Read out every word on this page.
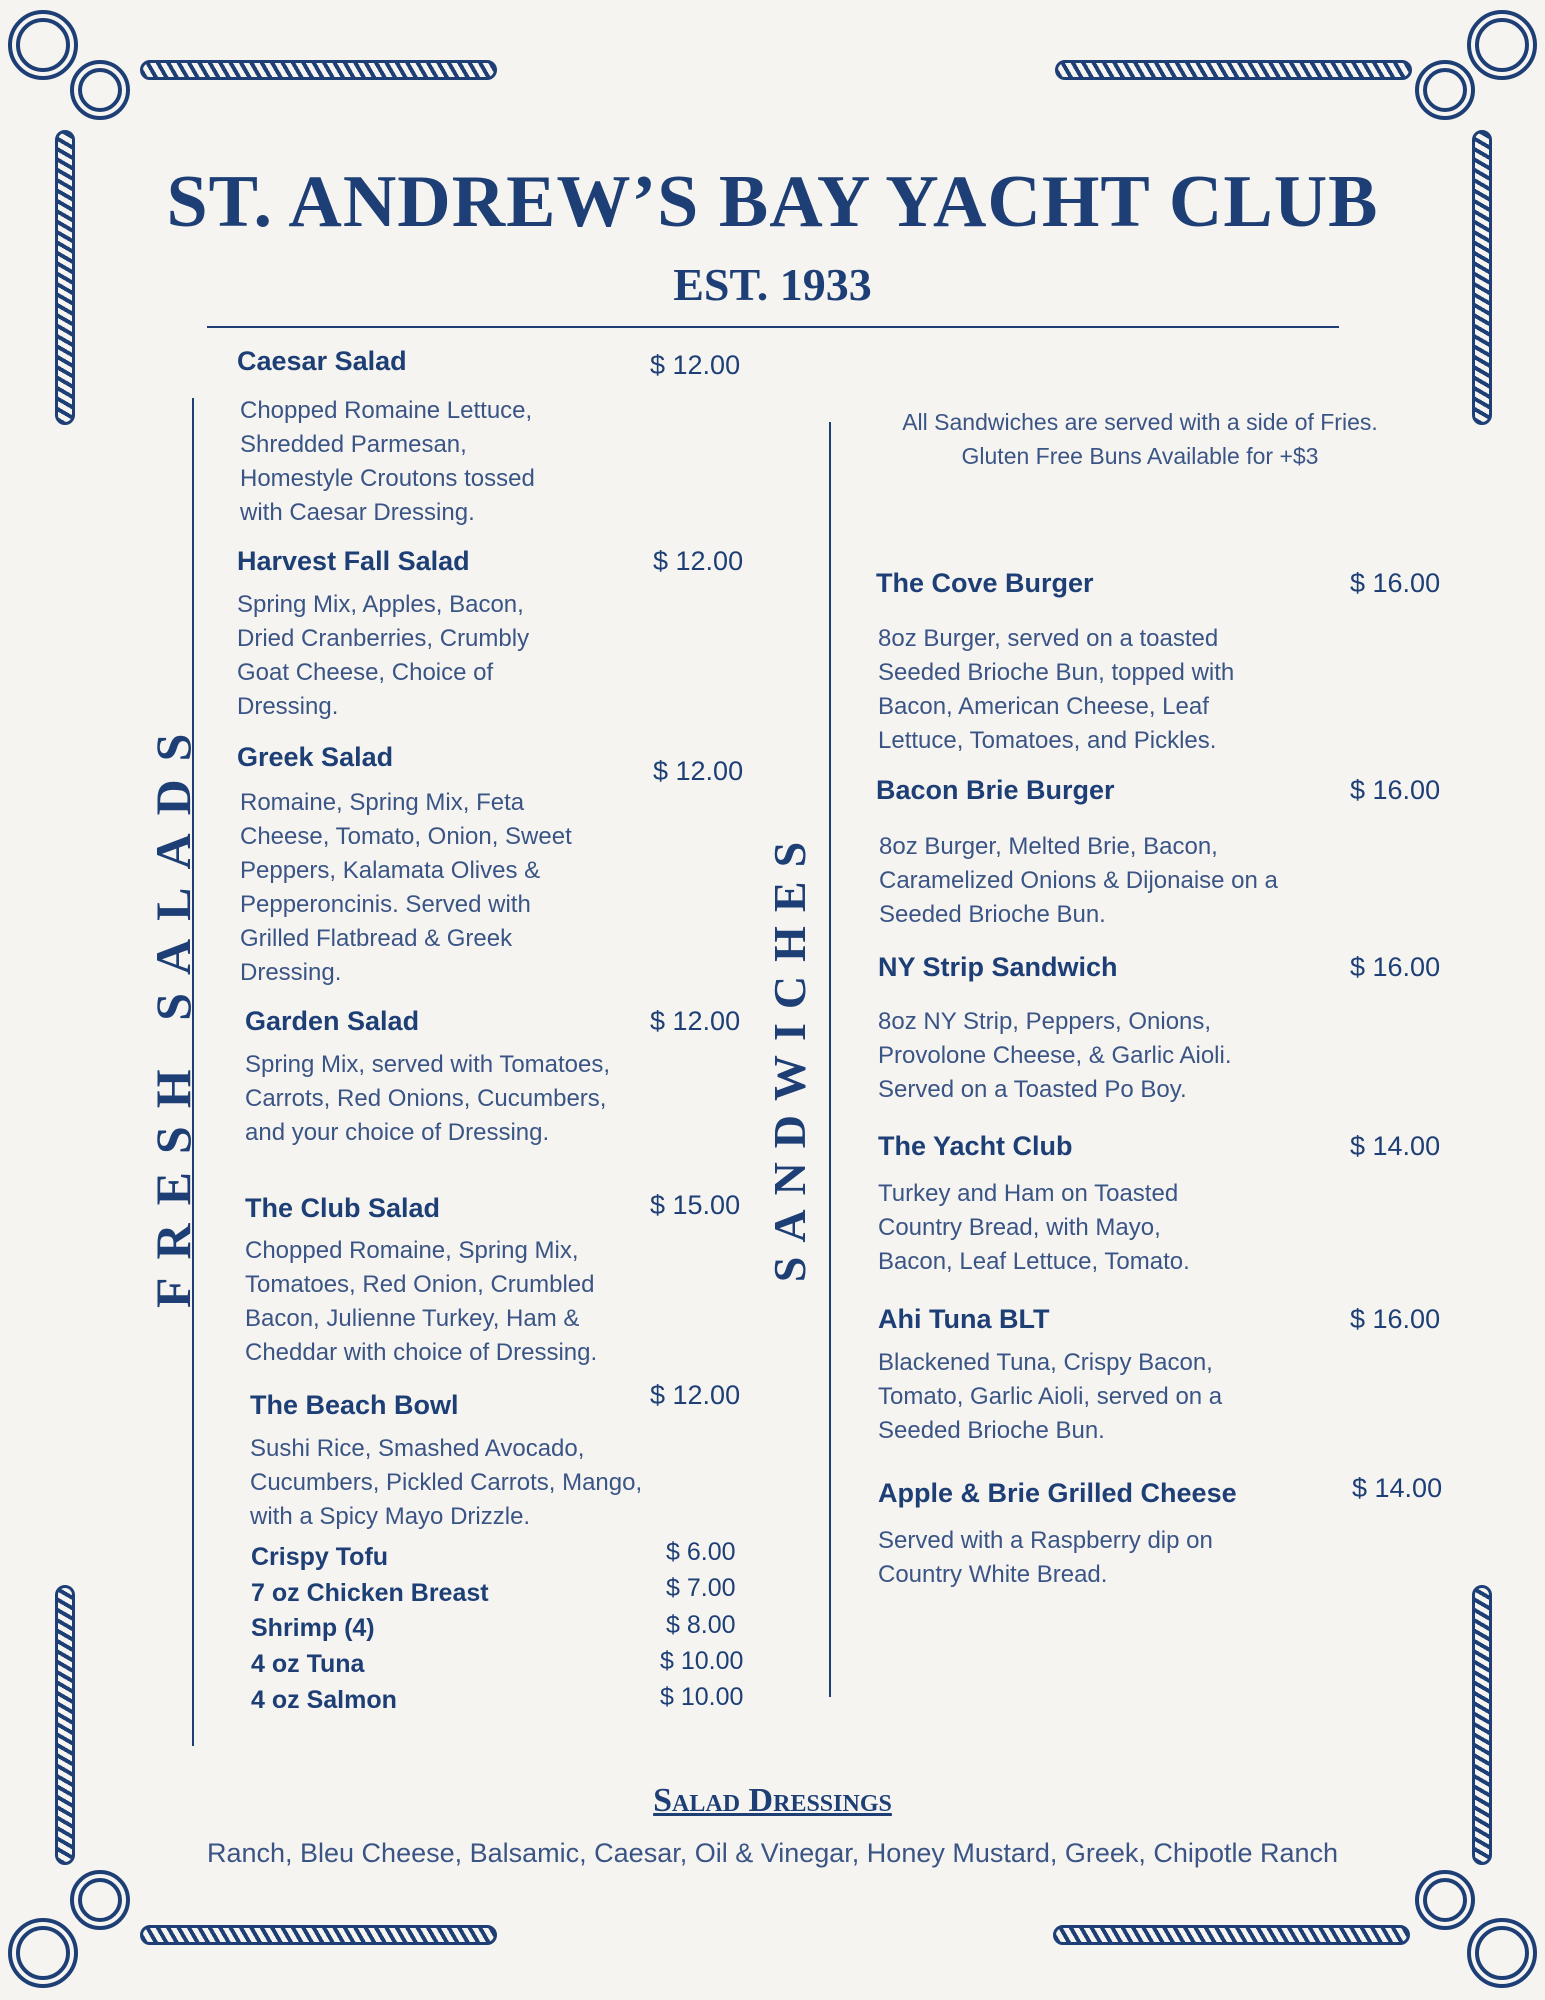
ST. ANDREW’S BAY YACHT CLUB
EST. 1933
FRESH SALADS
Caesar Salad	$ 12.00
Chopped Romaine Lettuce, Shredded Parmesan, Homestyle Croutons tossed with Caesar Dressing.
Harvest Fall Salad	$ 12.00
Spring Mix, Apples, Bacon, Dried Cranberries, Crumbly Goat Cheese, Choice of Dressing.
Greek Salad	$ 12.00
Romaine, Spring Mix, Feta Cheese, Tomato, Onion, Sweet Peppers, Kalamata Olives & Pepperoncinis. Served with Grilled Flatbread & Greek Dressing.
Garden Salad	$ 12.00
Spring Mix, served with Tomatoes, Carrots, Red Onions, Cucumbers, and your choice of Dressing.
The Club Salad	$ 15.00
Chopped Romaine, Spring Mix, Tomatoes, Red Onion, Crumbled Bacon, Julienne Turkey, Ham & Cheddar with choice of Dressing.
The Beach Bowl	$ 12.00
Sushi Rice, Smashed Avocado, Cucumbers, Pickled Carrots, Mango, with a Spicy Mayo Drizzle.
Crispy Tofu	$ 6.00
7 oz Chicken Breast	$ 7.00
Shrimp (4)	$ 8.00
4 oz Tuna	$ 10.00
4 oz Salmon	$ 10.00
SANDWICHES
All Sandwiches are served with a side of Fries.
Gluten Free Buns Available for +$3
The Cove Burger	$ 16.00
8oz Burger, served on a toasted Seeded Brioche Bun, topped with Bacon, American Cheese, Leaf Lettuce, Tomatoes, and Pickles.
Bacon Brie Burger	$ 16.00
8oz Burger, Melted Brie, Bacon, Caramelized Onions & Dijonaise on a Seeded Brioche Bun.
NY Strip Sandwich	$ 16.00
8oz NY Strip, Peppers, Onions, Provolone Cheese, & Garlic Aioli. Served on a Toasted Po Boy.
The Yacht Club	$ 14.00
Turkey and Ham on Toasted Country Bread, with Mayo, Bacon, Leaf Lettuce, Tomato.
Ahi Tuna BLT	$ 16.00
Blackened Tuna, Crispy Bacon, Tomato, Garlic Aioli, served on a Seeded Brioche Bun.
Apple & Brie Grilled Cheese	$ 14.00
Served with a Raspberry dip on Country White Bread.
Salad Dressings
Ranch, Bleu Cheese, Balsamic, Caesar, Oil & Vinegar, Honey Mustard, Greek, Chipotle Ranch
